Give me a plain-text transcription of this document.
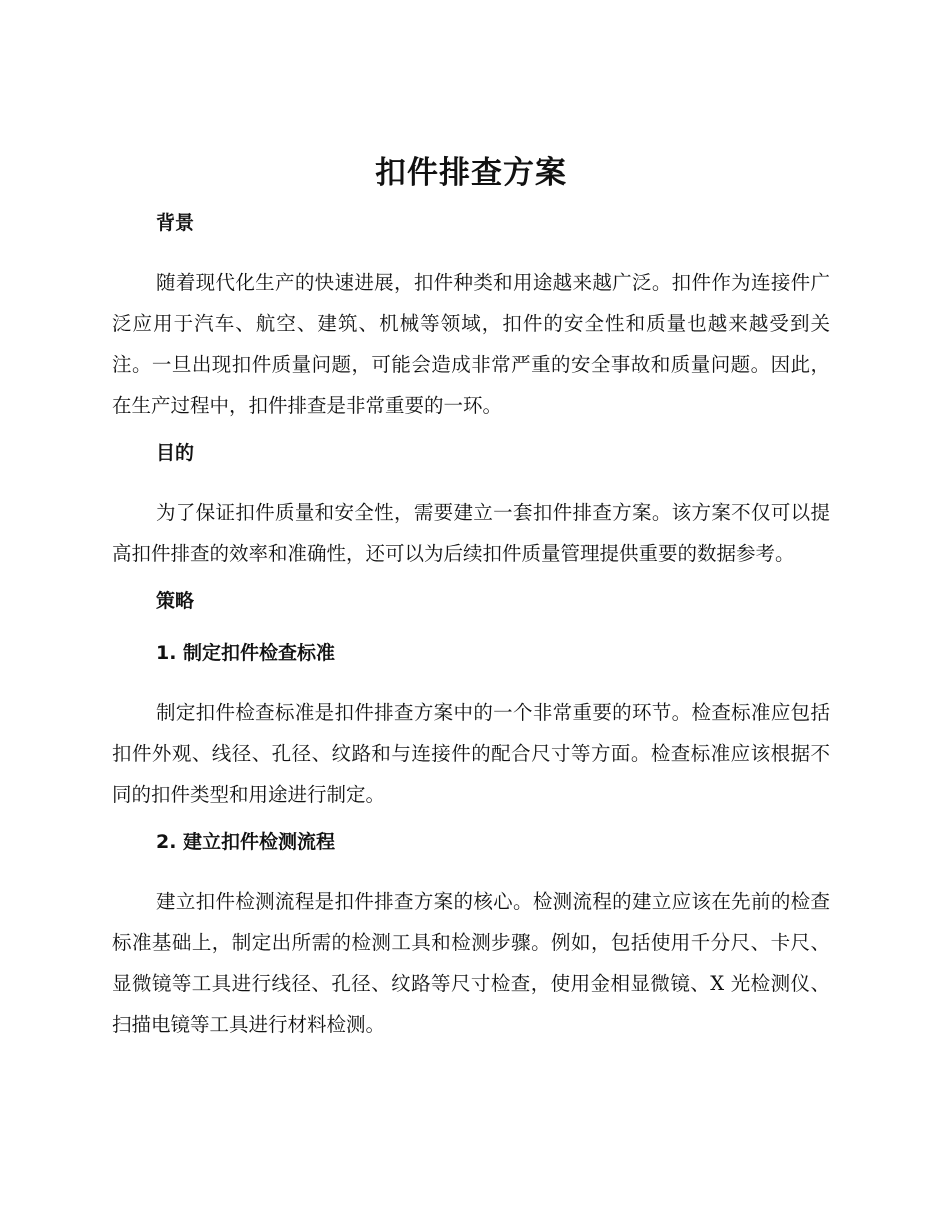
扣件排查方案
背景

随着现代化生产的快速进展，扣件种类和用途越来越广泛。扣件作为连接件广泛应用于汽车、航空、建筑、机械等领域，扣件的安全性和质量也越来越受到关注。一旦出现扣件质量问题，可能会造成非常严重的安全事故和质量问题。因此，在生产过程中，扣件排查是非常重要的一环。

目的

为了保证扣件质量和安全性，需要建立一套扣件排查方案。该方案不仅可以提高扣件排查的效率和准确性，还可以为后续扣件质量管理提供重要的数据参考。

策略
1. 制定扣件检查标准

制定扣件检查标准是扣件排查方案中的一个非常重要的环节。检查标准应包括扣件外观、线径、孔径、纹路和与连接件的配合尺寸等方面。检查标准应该根据不同的扣件类型和用途进行制定。

2. 建立扣件检测流程

建立扣件检测流程是扣件排查方案的核心。检测流程的建立应该在先前的检查标准基础上，制定出所需的检测工具和检测步骤。例如，包括使用千分尺、卡尺、显微镜等工具进行线径、孔径、纹路等尺寸检查，使用金相显微镜、X 光检测仪、扫描电镜等工具进行材料检测。
